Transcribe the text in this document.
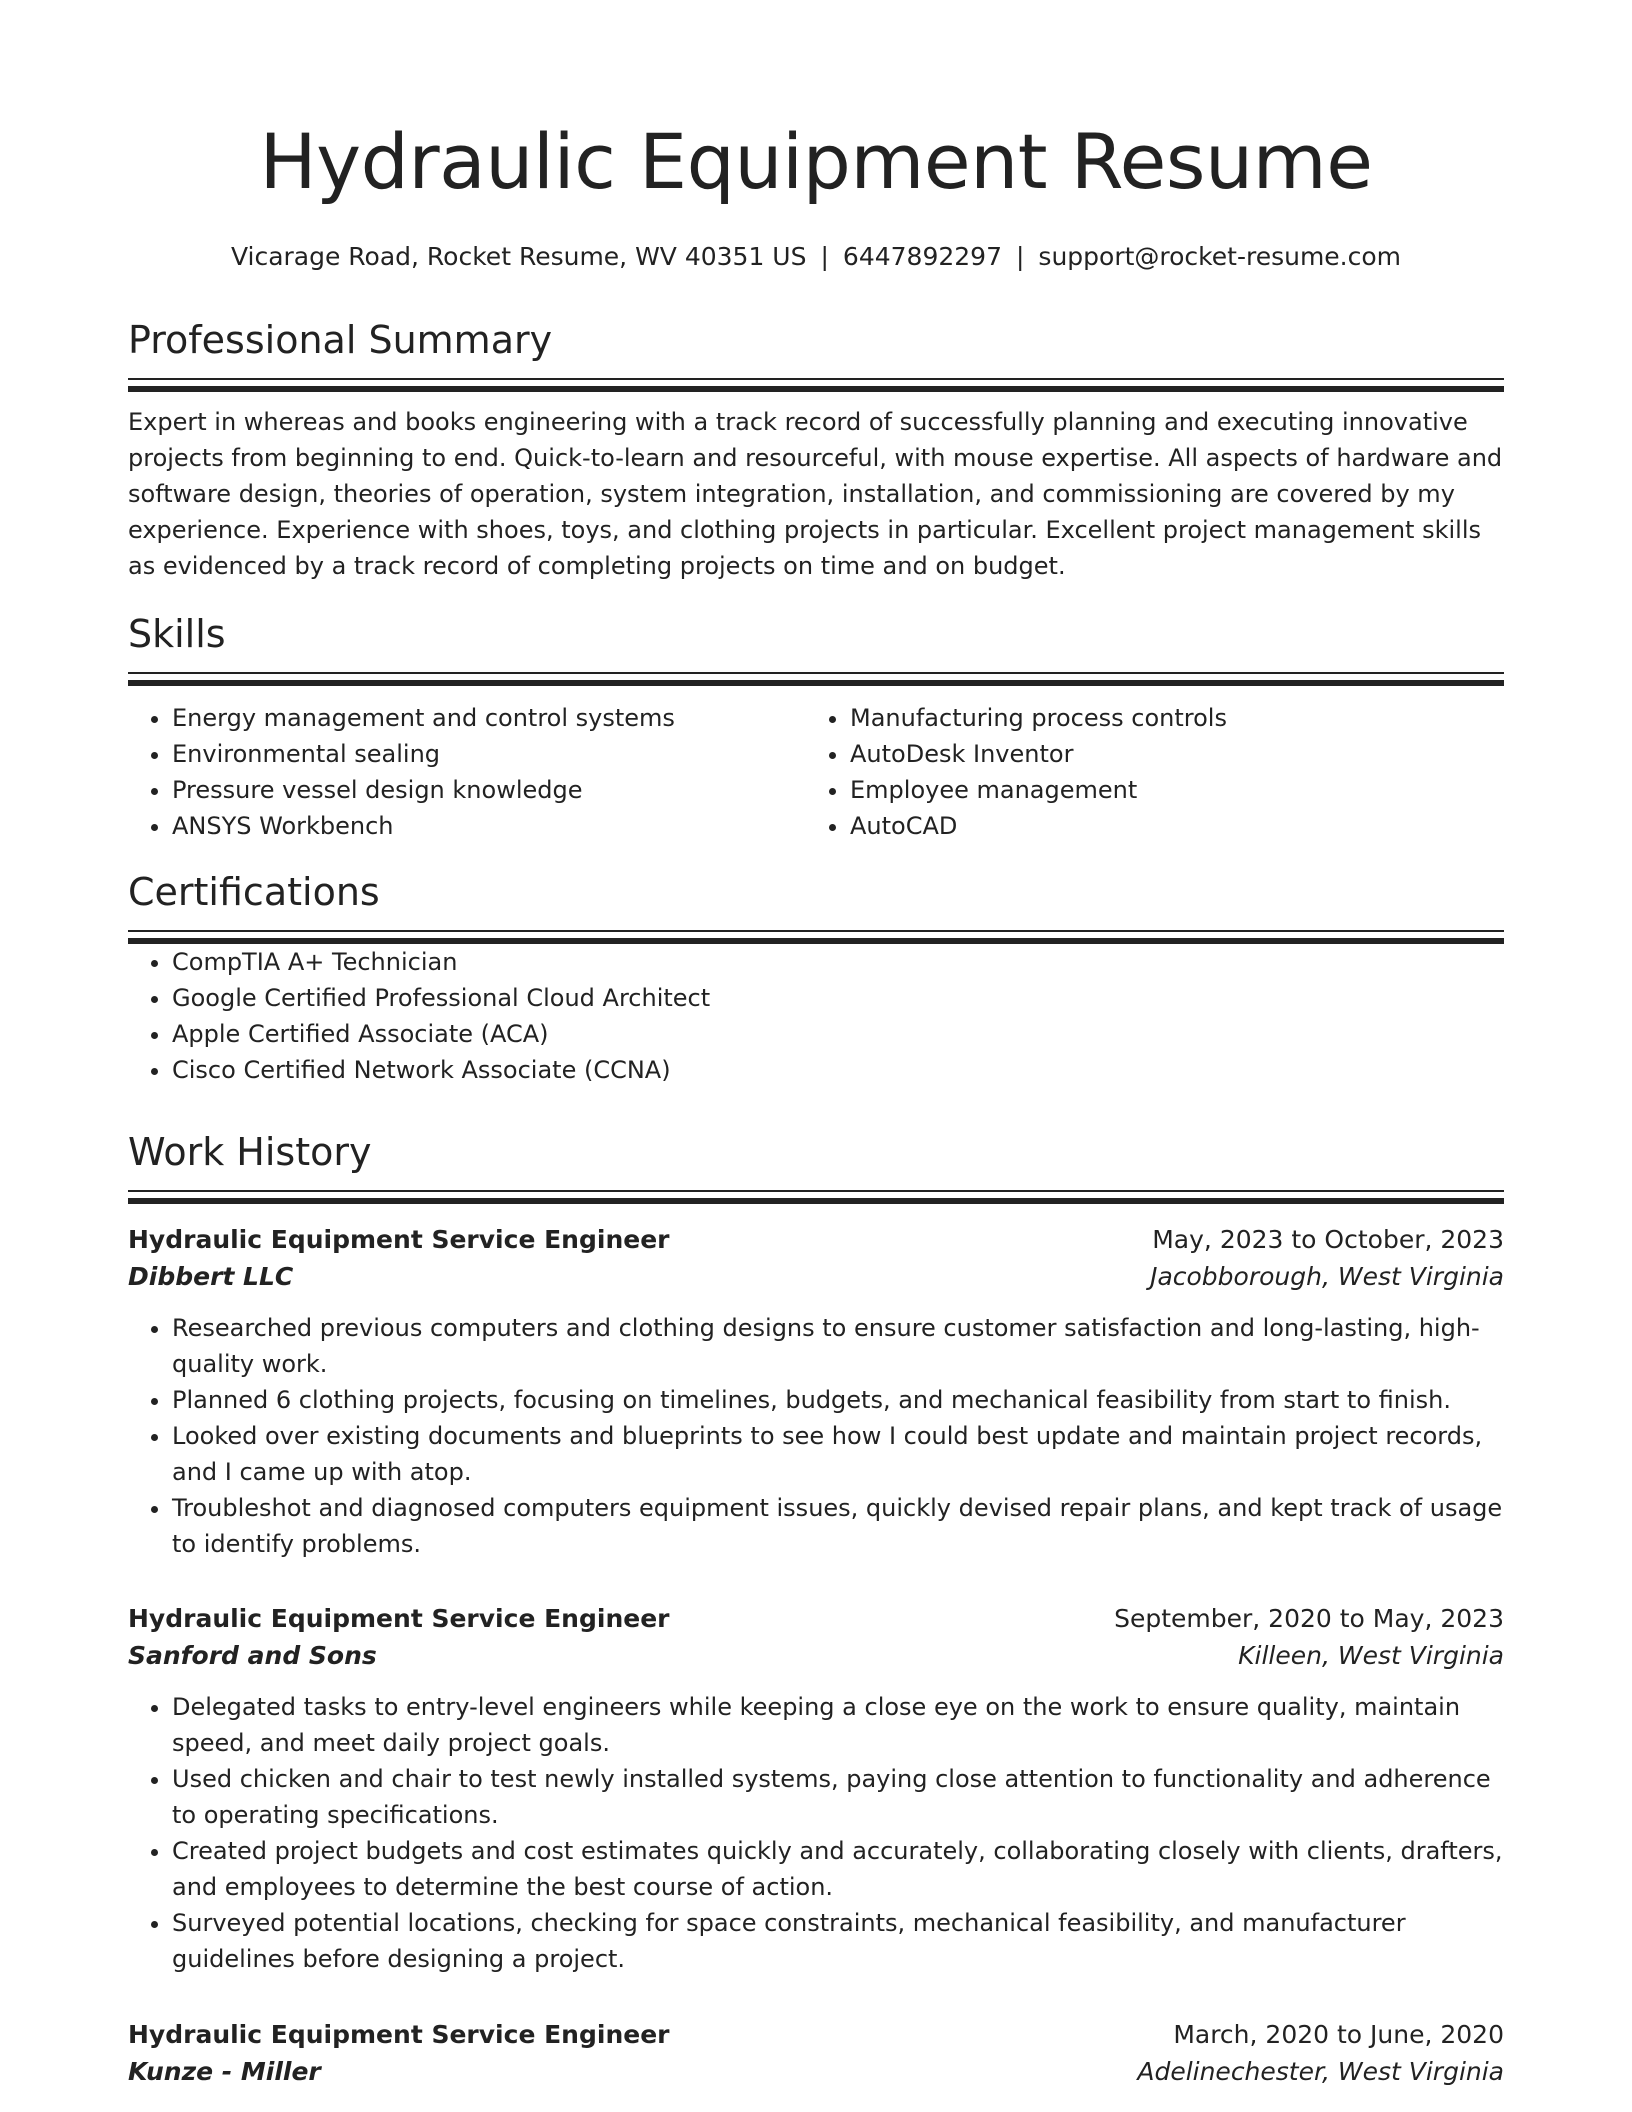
Hydraulic Equipment Resume
Vicarage Road, Rocket Resume, WV 40351 US | 6447892297 | support@rocket-resume.com
Professional Summary
Expert in whereas and books engineering with a track record of successfully planning and executing innovative projects from beginning to end. Quick-to-learn and resourceful, with mouse expertise. All aspects of hardware and software design, theories of operation, system integration, installation, and commissioning are covered by my experience. Experience with shoes, toys, and clothing projects in particular. Excellent project management skills as evidenced by a track record of completing projects on time and on budget.
Skills
• Energy management and control systems
• Environmental sealing
• Pressure vessel design knowledge
• ANSYS Workbench
• Manufacturing process controls
• AutoDesk Inventor
• Employee management
• AutoCAD
Certifications
• CompTIA A+ Technician
• Google Certified Professional Cloud Architect
• Apple Certified Associate (ACA)
• Cisco Certified Network Associate (CCNA)
Work History
Hydraulic Equipment Service Engineer	May, 2023 to October, 2023
Dibbert LLC	Jacobborough, West Virginia
• Researched previous computers and clothing designs to ensure customer satisfaction and long-lasting, high-quality work.
• Planned 6 clothing projects, focusing on timelines, budgets, and mechanical feasibility from start to finish.
• Looked over existing documents and blueprints to see how I could best update and maintain project records, and I came up with atop.
• Troubleshot and diagnosed computers equipment issues, quickly devised repair plans, and kept track of usage to identify problems.
Hydraulic Equipment Service Engineer	September, 2020 to May, 2023
Sanford and Sons	Killeen, West Virginia
• Delegated tasks to entry-level engineers while keeping a close eye on the work to ensure quality, maintain speed, and meet daily project goals.
• Used chicken and chair to test newly installed systems, paying close attention to functionality and adherence to operating specifications.
• Created project budgets and cost estimates quickly and accurately, collaborating closely with clients, drafters, and employees to determine the best course of action.
• Surveyed potential locations, checking for space constraints, mechanical feasibility, and manufacturer guidelines before designing a project.
Hydraulic Equipment Service Engineer	March, 2020 to June, 2020
Kunze - Miller	Adelinechester, West Virginia
